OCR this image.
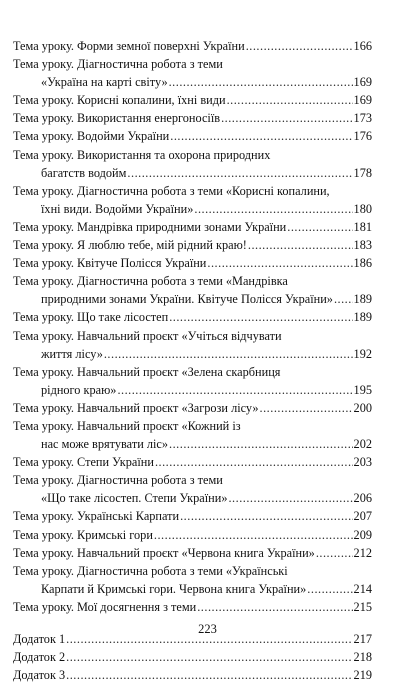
Тема уроку. Форми земної поверхні України .....	166
Тема уроку. Діагностична робота з теми
«Україна на карті світу» .....	169
Тема уроку. Корисні копалини, їхні види .....	169
Тема уроку. Використання енергоносіїв .....	173
Тема уроку. Водойми України .....	176
Тема уроку. Використання та охорона природних
багатств водойм .....	178
Тема уроку. Діагностична робота з теми «Корисні копалини,
їхні види. Водойми України» .....	180
Тема уроку. Мандрівка природними зонами України .....	181
Тема уроку. Я люблю тебе, мій рідний краю! .....	183
Тема уроку. Квітуче Полісся України .....	186
Тема уроку. Діагностична робота з теми «Мандрівка
природними зонами України. Квітуче Полісся України» ..... 189
Тема уроку. Що таке лісостеп .....	189
Тема уроку. Навчальний проєкт «Учіться відчувати
життя лісу» .....	192
Тема уроку. Навчальний проєкт «Зелена скарбниця
рідного краю» .....	195
Тема уроку. Навчальний проєкт «Загрози лісу» .....	200
Тема уроку. Навчальний проєкт «Кожний із
нас може врятувати ліс» .....	202
Тема уроку. Степи України .....	203
Тема уроку. Діагностична робота з теми
«Що таке лісостеп. Степи України» .....	206
Тема уроку. Українські Карпати .....	207
Тема уроку. Кримські гори .....	209
Тема уроку. Навчальний проєкт «Червона книга України» .....	212
Тема уроку. Діагностична робота з теми «Українські
Карпати й Кримські гори. Червона книга України» .....	214
Тема уроку. Мої досягнення з теми .....	215
Додаток 1 .....	217
Додаток 2 .....	218
Додаток 3 .....	219
223
